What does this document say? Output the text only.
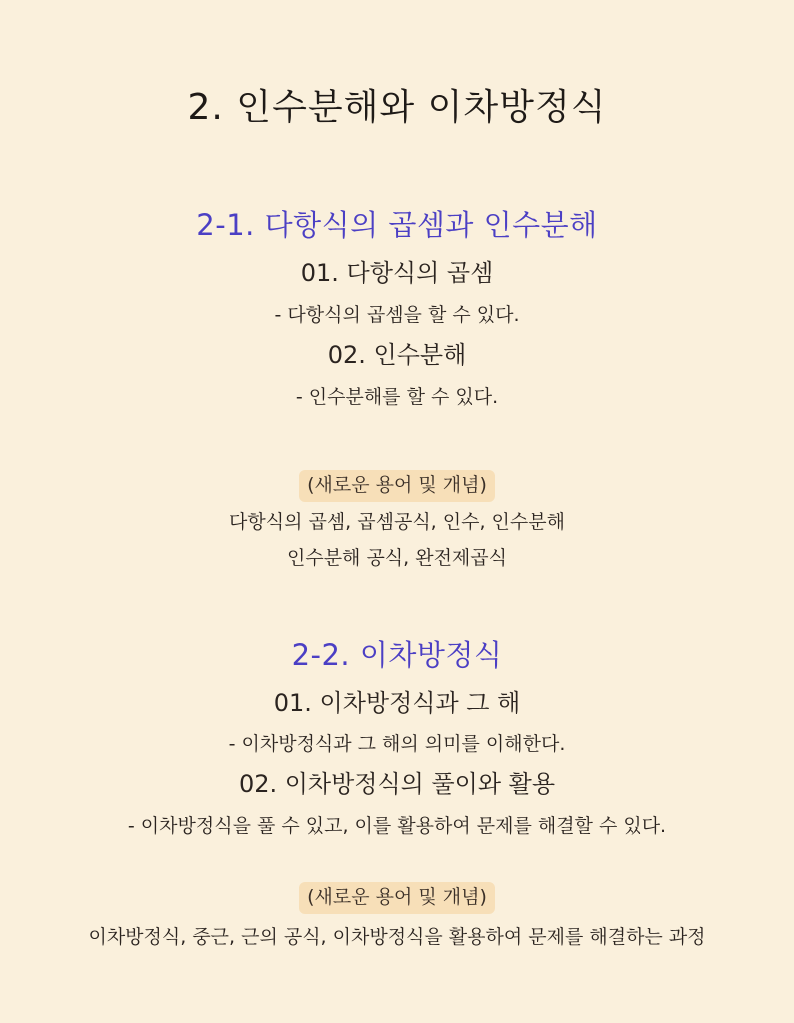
2. 인수분해와 이차방정식
2-1. 다항식의 곱셈과 인수분해
01. 다항식의 곱셈
- 다항식의 곱셈을 할 수 있다.
02. 인수분해
- 인수분해를 할 수 있다.
(새로운 용어 및 개념)
다항식의 곱셈, 곱셈공식, 인수, 인수분해
인수분해 공식, 완전제곱식
2-2. 이차방정식
01. 이차방정식과 그 해
- 이차방정식과 그 해의 의미를 이해한다.
02. 이차방정식의 풀이와 활용
- 이차방정식을 풀 수 있고, 이를 활용하여 문제를 해결할 수 있다.
(새로운 용어 및 개념)
이차방정식, 중근, 근의 공식, 이차방정식을 활용하여 문제를 해결하는 과정
